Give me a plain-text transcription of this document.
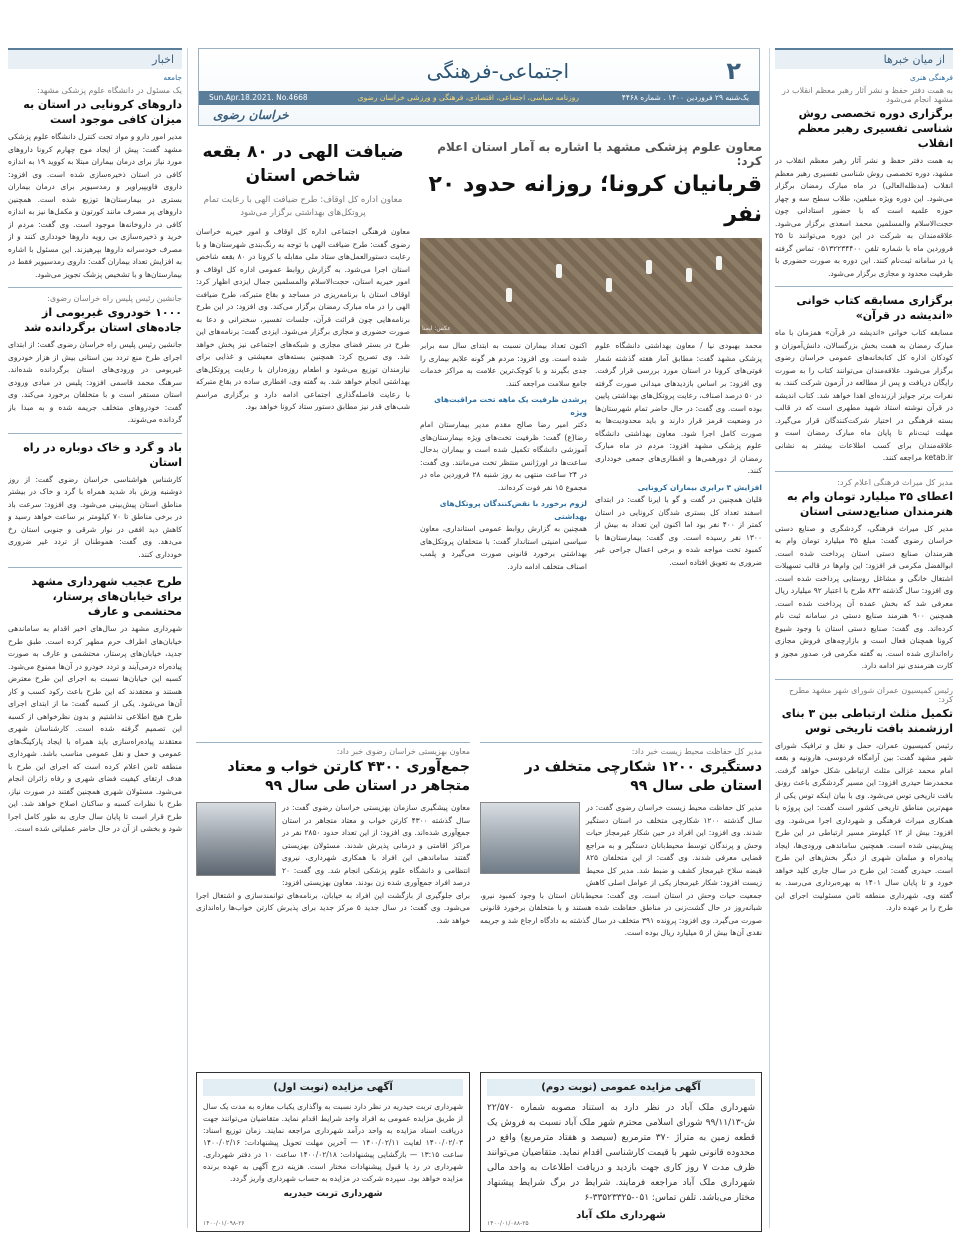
۲
اجتماعی-فرهنگی
یک‌شنبه ۲۹ فروردین ۱۴۰۰ . شماره ۴۴۶۸
روزنامه سیاسی، اجتماعی، اقتصادی، فرهنگی و ورزشی خراسان رضوی
Sun.Apr.18.2021. No.4668
خراسان رضوی
از میان خبرها
فرهنگی هنری
به همت دفتر حفظ و نشر آثار رهبر معظم انقلاب در مشهد انجام می‌شود
برگزاری دوره تخصصی روش شناسی تفسیری رهبر معظم انقلاب
به همت دفتر حفظ و نشر آثار رهبر معظم انقلاب در مشهد، دوره تخصصی روش شناسی تفسیری رهبر معظم انقلاب (مدظله‌العالی) در ماه مبارک رمضان برگزار می‌شود. این دوره ویژه مبلغین، طلاب سطح سه و چهار حوزه علمیه است که با حضور استادانی چون حجت‌الاسلام والمسلمین محمد اسعدی برگزار می‌شود. علاقه‌مندان به شرکت در این دوره می‌توانند تا ۲۵ فروردین ماه با شماره تلفن ۰۵۱۳۲۲۳۴۴۰۰ تماس گرفته یا در سامانه ثبت‌نام کنند. این دوره به صورت حضوری با ظرفیت محدود و مجازی برگزار می‌شود.
برگزاری مسابقه کتاب خوانی «اندیشه در قرآن»
مسابقه کتاب خوانی «اندیشه در قرآن» همزمان با ماه مبارک رمضان به همت بخش بزرگسالان، دانش‌آموزان و کودکان اداره کل کتابخانه‌های عمومی خراسان رضوی برگزار می‌شود. علاقه‌مندان می‌توانند کتاب را به صورت رایگان دریافت و پس از مطالعه در آزمون شرکت کنند. به نفرات برتر جوایز ارزنده‌ای اهدا خواهد شد. کتاب اندیشه در قرآن نوشته استاد شهید مطهری است که در قالب بسته فرهنگی در اختیار شرکت‌کنندگان قرار می‌گیرد. مهلت ثبت‌نام تا پایان ماه مبارک رمضان است و علاقه‌مندان برای کسب اطلاعات بیشتر به نشانی ketab.ir مراجعه کنند.
مدیر کل میراث فرهنگی اعلام کرد:
اعطای ۳۵ میلیارد تومان وام به هنرمندان صنایع‌دستی استان
مدیر کل میراث فرهنگی، گردشگری و صنایع دستی خراسان رضوی گفت: مبلغ ۳۵ میلیارد تومان وام به هنرمندان صنایع دستی استان پرداخت شده است. ابوالفضل مکرمی فر افزود: این وام‌ها در قالب تسهیلات اشتغال خانگی و مشاغل روستایی پرداخت شده است. وی افزود: سال گذشته ۸۴۲ طرح با اعتبار ۹۲ میلیارد ریال معرفی شد که بخش عمده آن پرداخت شده است. همچنین ۹۰۰ هنرمند صنایع دستی در سامانه ثبت نام کرده‌اند. وی گفت: صنایع دستی استان با وجود شیوع کرونا همچنان فعال است و بازارچه‌های فروش مجازی راه‌اندازی شده است. به گفته مکرمی فر، صدور مجوز و کارت هنرمندی نیز ادامه دارد.
رئیس کمیسیون عمران شورای شهر مشهد مطرح کرد:
تکمیل مثلث ارتباطی بین ۳ بنای ارزشمند بافت تاریخی توس
رئیس کمیسیون عمران، حمل و نقل و ترافیک شورای شهر مشهد گفت: بین آرامگاه فردوسی، هارونیه و بقعه امام محمد غزالی مثلث ارتباطی شکل خواهد گرفت. محمدرضا حیدری افزود: این مسیر گردشگری باعث رونق بافت تاریخی توس می‌شود. وی با بیان اینکه توس یکی از مهم‌ترین مناطق تاریخی کشور است گفت: این پروژه با همکاری میراث فرهنگی و شهرداری اجرا می‌شود. وی افزود: بیش از ۱۲ کیلومتر مسیر ارتباطی در این طرح پیش‌بینی شده است. همچنین ساماندهی ورودی‌ها، ایجاد پیاده‌راه و مبلمان شهری از دیگر بخش‌های این طرح است. حیدری گفت: این طرح در سال جاری کلید خواهد خورد و تا پایان سال ۱۴۰۱ به بهره‌برداری می‌رسد. به گفته وی، شهرداری منطقه ثامن مسئولیت اجرای این طرح را بر عهده دارد.
اخبار
جامعه
یک مسئول در دانشگاه علوم پزشکی مشهد:
داروهای کرونایی در استان به میزان کافی موجود است
مدیر امور دارو و مواد تحت کنترل دانشگاه علوم پزشکی مشهد گفت: پیش از ایجاد موج چهارم کرونا داروهای مورد نیاز برای درمان بیماران مبتلا به کووید ۱۹ به اندازه کافی در استان ذخیره‌سازی شده است. وی افزود: داروی فاویپیراویر و رمدسیویر برای درمان بیماران بستری در بیمارستان‌ها توزیع شده است. همچنین داروهای پر مصرف مانند کورتون و مکمل‌ها نیز به اندازه کافی در داروخانه‌ها موجود است. وی گفت: مردم از خرید و ذخیره‌سازی بی رویه داروها خودداری کنند و از مصرف خودسرانه داروها بپرهیزند. این مسئول با اشاره به افزایش تعداد بیماران گفت: داروی رمدسیویر فقط در بیمارستان‌ها و با تشخیص پزشک تجویز می‌شود.
جانشین رئیس پلیس راه خراسان رضوی:
۱۰۰۰ خودروی غیربومی از جاده‌های استان برگردانده شد
جانشین رئیس پلیس راه خراسان رضوی گفت: از ابتدای اجرای طرح منع تردد بین استانی بیش از هزار خودروی غیربومی در ورودی‌های استان برگردانده شده‌اند. سرهنگ محمد قاسمی افزود: پلیس در مبادی ورودی استان مستقر است و با متخلفان برخورد می‌کند. وی گفت: خودروهای متخلف جریمه شده و به مبدا باز گردانده می‌شوند.
باد و گرد و خاک دوباره در راه استان
کارشناس هواشناسی خراسان رضوی گفت: از روز دوشنبه وزش باد شدید همراه با گرد و خاک در بیشتر مناطق استان پیش‌بینی می‌شود. وی افزود: سرعت باد در برخی مناطق تا ۷۰ کیلومتر بر ساعت خواهد رسید و کاهش دید افقی در نوار شرقی و جنوبی استان رخ می‌دهد. وی گفت: هموطنان از تردد غیر ضروری خودداری کنند.
طرح عجیب شهرداری مشهد برای خیابان‌های پرستار، محتشمی و عارف
شهرداری مشهد در سال‌های اخیر اقدام به ساماندهی خیابان‌های اطراف حرم مطهر کرده است. طبق طرح جدید، خیابان‌های پرستار، محتشمی و عارف به صورت پیاده‌راه درمی‌آیند و تردد خودرو در آن‌ها ممنوع می‌شود. کسبه این خیابان‌ها نسبت به اجرای این طرح معترض هستند و معتقدند که این طرح باعث رکود کسب و کار آن‌ها می‌شود. یکی از کسبه گفت: ما از ابتدای اجرای طرح هیچ اطلاعی نداشتیم و بدون نظرخواهی از کسبه این تصمیم گرفته شده است. کارشناسان شهری معتقدند پیاده‌راه‌سازی باید همراه با ایجاد پارکینگ‌های عمومی و حمل و نقل عمومی مناسب باشد. شهرداری منطقه ثامن اعلام کرده است که اجرای این طرح با هدف ارتقای کیفیت فضای شهری و رفاه زائران انجام می‌شود. مسئولان شهری همچنین گفتند در صورت نیاز، طرح با نظرات کسبه و ساکنان اصلاح خواهد شد. این طرح قرار است تا پایان سال جاری به طور کامل اجرا شود و بخشی از آن در حال حاضر عملیاتی شده است.
معاون علوم پزشکی مشهد با اشاره به آمار استان اعلام کرد:
قربانیان کرونا؛ روزانه حدود ۲۰ نفر
عکس: ایمنا
محمد بهبودی نیا / معاون بهداشتی دانشگاه علوم پزشکی مشهد گفت: مطابق آمار هفته گذشته شمار فوتی‌های کرونا در استان مورد بررسی قرار گرفت. وی افزود: بر اساس بازدیدهای میدانی صورت گرفته در ۵۰ درصد اصناف، رعایت پروتکل‌های بهداشتی پایین بوده است. وی گفت: در حال حاضر تمام شهرستان‌ها در وضعیت قرمز قرار دارند و باید محدودیت‌ها به صورت کامل اجرا شود. معاون بهداشتی دانشگاه علوم پزشکی مشهد افزود: مردم در ماه مبارک رمضان از دورهمی‌ها و افطاری‌های جمعی خودداری کنند.
افزایش ۳ برابری بیماران کرونایی
قلیان همچنین در گفت و گو با ایرنا گفت: در ابتدای اسفند تعداد کل بستری شدگان کرونایی در استان کمتر از ۴۰۰ نفر بود اما اکنون این تعداد به بیش از ۱۳۰۰ نفر رسیده است. وی گفت: بیمارستان‌ها با کمبود تخت مواجه شده و برخی اعمال جراحی غیر ضروری به تعویق افتاده است.
اکنون تعداد بیماران نسبت به ابتدای سال سه برابر شده است. وی افزود: مردم هر گونه علایم بیماری را جدی بگیرند و با کوچک‌ترین علامت به مراکز خدمات جامع سلامت مراجعه کنند.
پرشدن ظرفیت یک ماهه تخت مراقبت‌های ویژه
دکتر امیر رضا صالح مقدم مدیر بیمارستان امام رضا(ع) گفت: ظرفیت تخت‌های ویژه بیمارستان‌های آموزشی دانشگاه تکمیل شده است و بیماران بدحال ساعت‌ها در اورژانس منتظر تخت می‌مانند. وی گفت: در ۲۴ ساعت منتهی به روز شنبه ۲۸ فروردین ماه در مجموع ۱۵ نفر فوت کرده‌اند.
لزوم برخورد با نقض‌کنندگان پروتکل‌های بهداشتی
همچنین به گزارش روابط عمومی استانداری، معاون سیاسی امنیتی استاندار گفت: با متخلفان پروتکل‌های بهداشتی برخورد قانونی صورت می‌گیرد و پلمب اصناف متخلف ادامه دارد.
ضیافت الهی در ۸۰ بقعه شاخص استان
معاون اداره کل اوقاف: طرح ضیافت الهی با رعایت تمام پروتکل‌های بهداشتی برگزار می‌شود
معاون فرهنگی اجتماعی اداره کل اوقاف و امور خیریه خراسان رضوی گفت: طرح ضیافت الهی با توجه به رنگ‌بندی شهرستان‌ها و با رعایت دستورالعمل‌های ستاد ملی مقابله با کرونا در ۸۰ بقعه شاخص استان اجرا می‌شود. به گزارش روابط عمومی اداره کل اوقاف و امور خیریه استان، حجت‌الاسلام والمسلمین جمال ایزدی اظهار کرد: اوقاف استان با برنامه‌ریزی در مساجد و بقاع متبرکه، طرح ضیافت الهی را در ماه مبارک رمضان برگزار می‌کند. وی افزود: در این طرح برنامه‌هایی چون قرائت قرآن، جلسات تفسیر، سخنرانی و دعا به صورت حضوری و مجازی برگزار می‌شود. ایزدی گفت: برنامه‌های این طرح در بستر فضای مجازی و شبکه‌های اجتماعی نیز پخش خواهد شد. وی تصریح کرد: همچنین بسته‌های معیشتی و غذایی برای نیازمندان توزیع می‌شود و اطعام روزه‌داران با رعایت پروتکل‌های بهداشتی انجام خواهد شد. به گفته وی، افطاری ساده در بقاع متبرکه با رعایت فاصله‌گذاری اجتماعی ادامه دارد و برگزاری مراسم شب‌های قدر نیز مطابق دستور ستاد کرونا خواهد بود.
مدیر کل حفاظت محیط زیست خبر داد:
دستگیری ۱۲۰۰ شکارچی متخلف در استان طی سال ۹۹
مدیر کل حفاظت محیط زیست خراسان رضوی گفت: در سال گذشته ۱۲۰۰ شکارچی متخلف در استان دستگیر شدند. وی افزود: این افراد در حین شکار غیرمجاز حیات وحش و پرندگان توسط محیط‌بانان دستگیر و به مراجع قضایی معرفی شدند. وی گفت: از این متخلفان ۸۲۵ قبضه سلاح غیرمجاز کشف و ضبط شد. مدیر کل محیط زیست افزود: شکار غیرمجاز یکی از عوامل اصلی کاهش جمعیت حیات وحش در استان است. وی گفت: محیط‌بانان استان با وجود کمبود نیرو، شبانه‌روز در حال گشت‌زنی در مناطق حفاظت شده هستند و با متخلفان برخورد قانونی صورت می‌گیرد. وی افزود: پرونده ۳۹۱ متخلف در سال گذشته به دادگاه ارجاع شد و جریمه نقدی آن‌ها بیش از ۵ میلیارد ریال بوده است.
معاون بهزیستی خراسان رضوی خبر داد:
جمع‌آوری ۴۳۰۰ کارتن خواب و معتاد متجاهر در استان طی سال ۹۹
معاون پیشگیری سازمان بهزیستی خراسان رضوی گفت: در سال گذشته ۴۳۰۰ کارتن خواب و معتاد متجاهر در استان جمع‌آوری شده‌اند. وی افزود: از این تعداد حدود ۲۸۵۰ نفر در مراکز اقامتی و درمانی پذیرش شدند. مسئولان بهزیستی گفتند ساماندهی این افراد با همکاری شهرداری، نیروی انتظامی و دانشگاه علوم پزشکی انجام شد. وی گفت: ۲۰ درصد افراد جمع‌آوری شده زن بودند. معاون بهزیستی افزود: برای جلوگیری از بازگشت این افراد به خیابان، برنامه‌های توانمندسازی و اشتغال اجرا می‌شود. وی گفت: در سال جدید ۵ مرکز جدید برای پذیرش کارتن خواب‌ها راه‌اندازی خواهد شد.
آگهی مزایده عمومی (نوبت دوم)
شهرداری ملک آباد در نظر دارد به استناد مصوبه شماره ۲۲/۵۷۰ ش-۹۹/۱۱/۱۳ شورای اسلامی محترم شهر ملک آباد نسبت به فروش یک قطعه زمین به متراژ ۳۷۰ مترمربع (سیصد و هفتاد مترمربع) واقع در محدوده قانونی شهر با قیمت کارشناسی اقدام نماید. متقاضیان می‌توانند ظرف مدت ۷ روز کاری جهت بازدید و دریافت اطلاعات به واحد مالی شهرداری ملک آباد مراجعه فرمایند. شرایط در برگ شرایط پیشنهاد مختار می‌باشد. تلفن تماس: ۰۵۱-۳۳۵۲۳۳۲۵-۶
شهرداری ملک آباد
۱۴۰۰/۰۱/۰۸۸-۲۵
آگهی مزایده (نوبت اول)
شهرداری تربت حیدریه در نظر دارد نسبت به واگذاری یکباب مغازه به مدت یک سال از طریق مزایده عمومی به افراد واجد شرایط اقدام نماید. متقاضیان می‌توانند جهت دریافت اسناد مزایده به واحد درآمد شهرداری مراجعه نمایند. زمان توزیع اسناد: ۱۴۰۰/۰۲/۰۳ لغایت ۱۴۰۰/۰۲/۱۱ — آخرین مهلت تحویل پیشنهادات: ۱۴۰۰/۰۲/۱۶ ساعت ۱۳:۱۵ — بازگشایی پیشنهادات: ۱۴۰۰/۰۲/۱۸ ساعت ۱۰ در دفتر شهرداری. شهرداری در رد یا قبول پیشنهادات مختار است. هزینه درج آگهی به عهده برنده مزایده خواهد بود. سپرده شرکت در مزایده به حساب شهرداری واریز گردد.
شهرداری تربت حیدریه
۱۴۰۰/۰۱/۰۹۸-۲۶
